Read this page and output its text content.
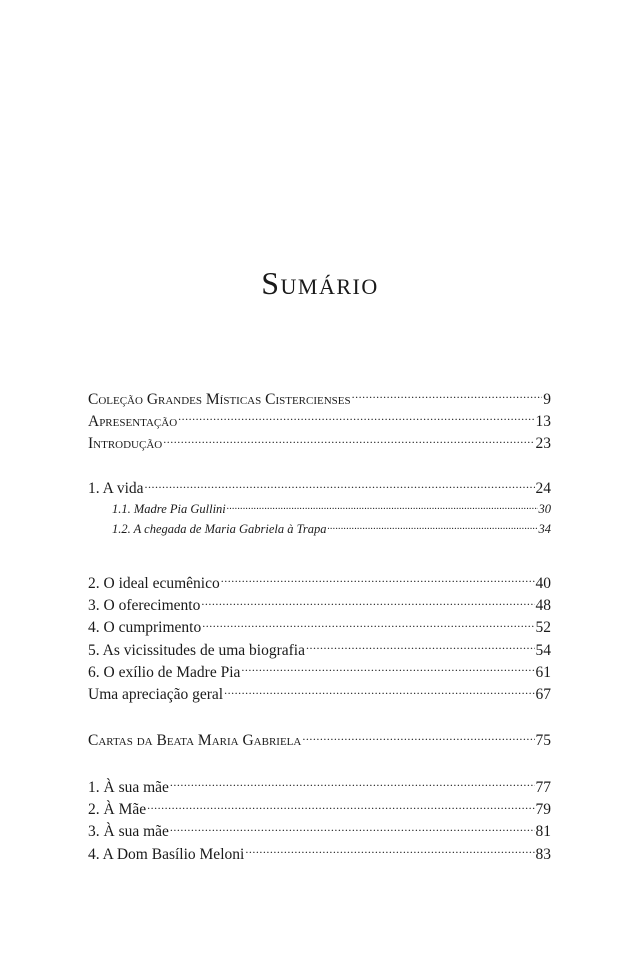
Sumário
Coleção Grandes Místicas Cistercienses .....	9
Apresentação .....	13
Introdução .....	23
1. A vida .....	24
1.1. Madre Pia Gullini .....	30
1.2. A chegada de Maria Gabriela à Trapa .....	34
2. O ideal ecumênico .....	40
3. O oferecimento .....	48
4. O cumprimento .....	52
5. As vicissitudes de uma biografia .....	54
6. O exílio de Madre Pia .....	61
Uma apreciação geral .....	67
Cartas da Beata Maria Gabriela .....	75
1. À sua mãe .....	77
2. À Mãe .....	79
3. À sua mãe .....	81
4. A Dom Basílio Meloni .....	83
